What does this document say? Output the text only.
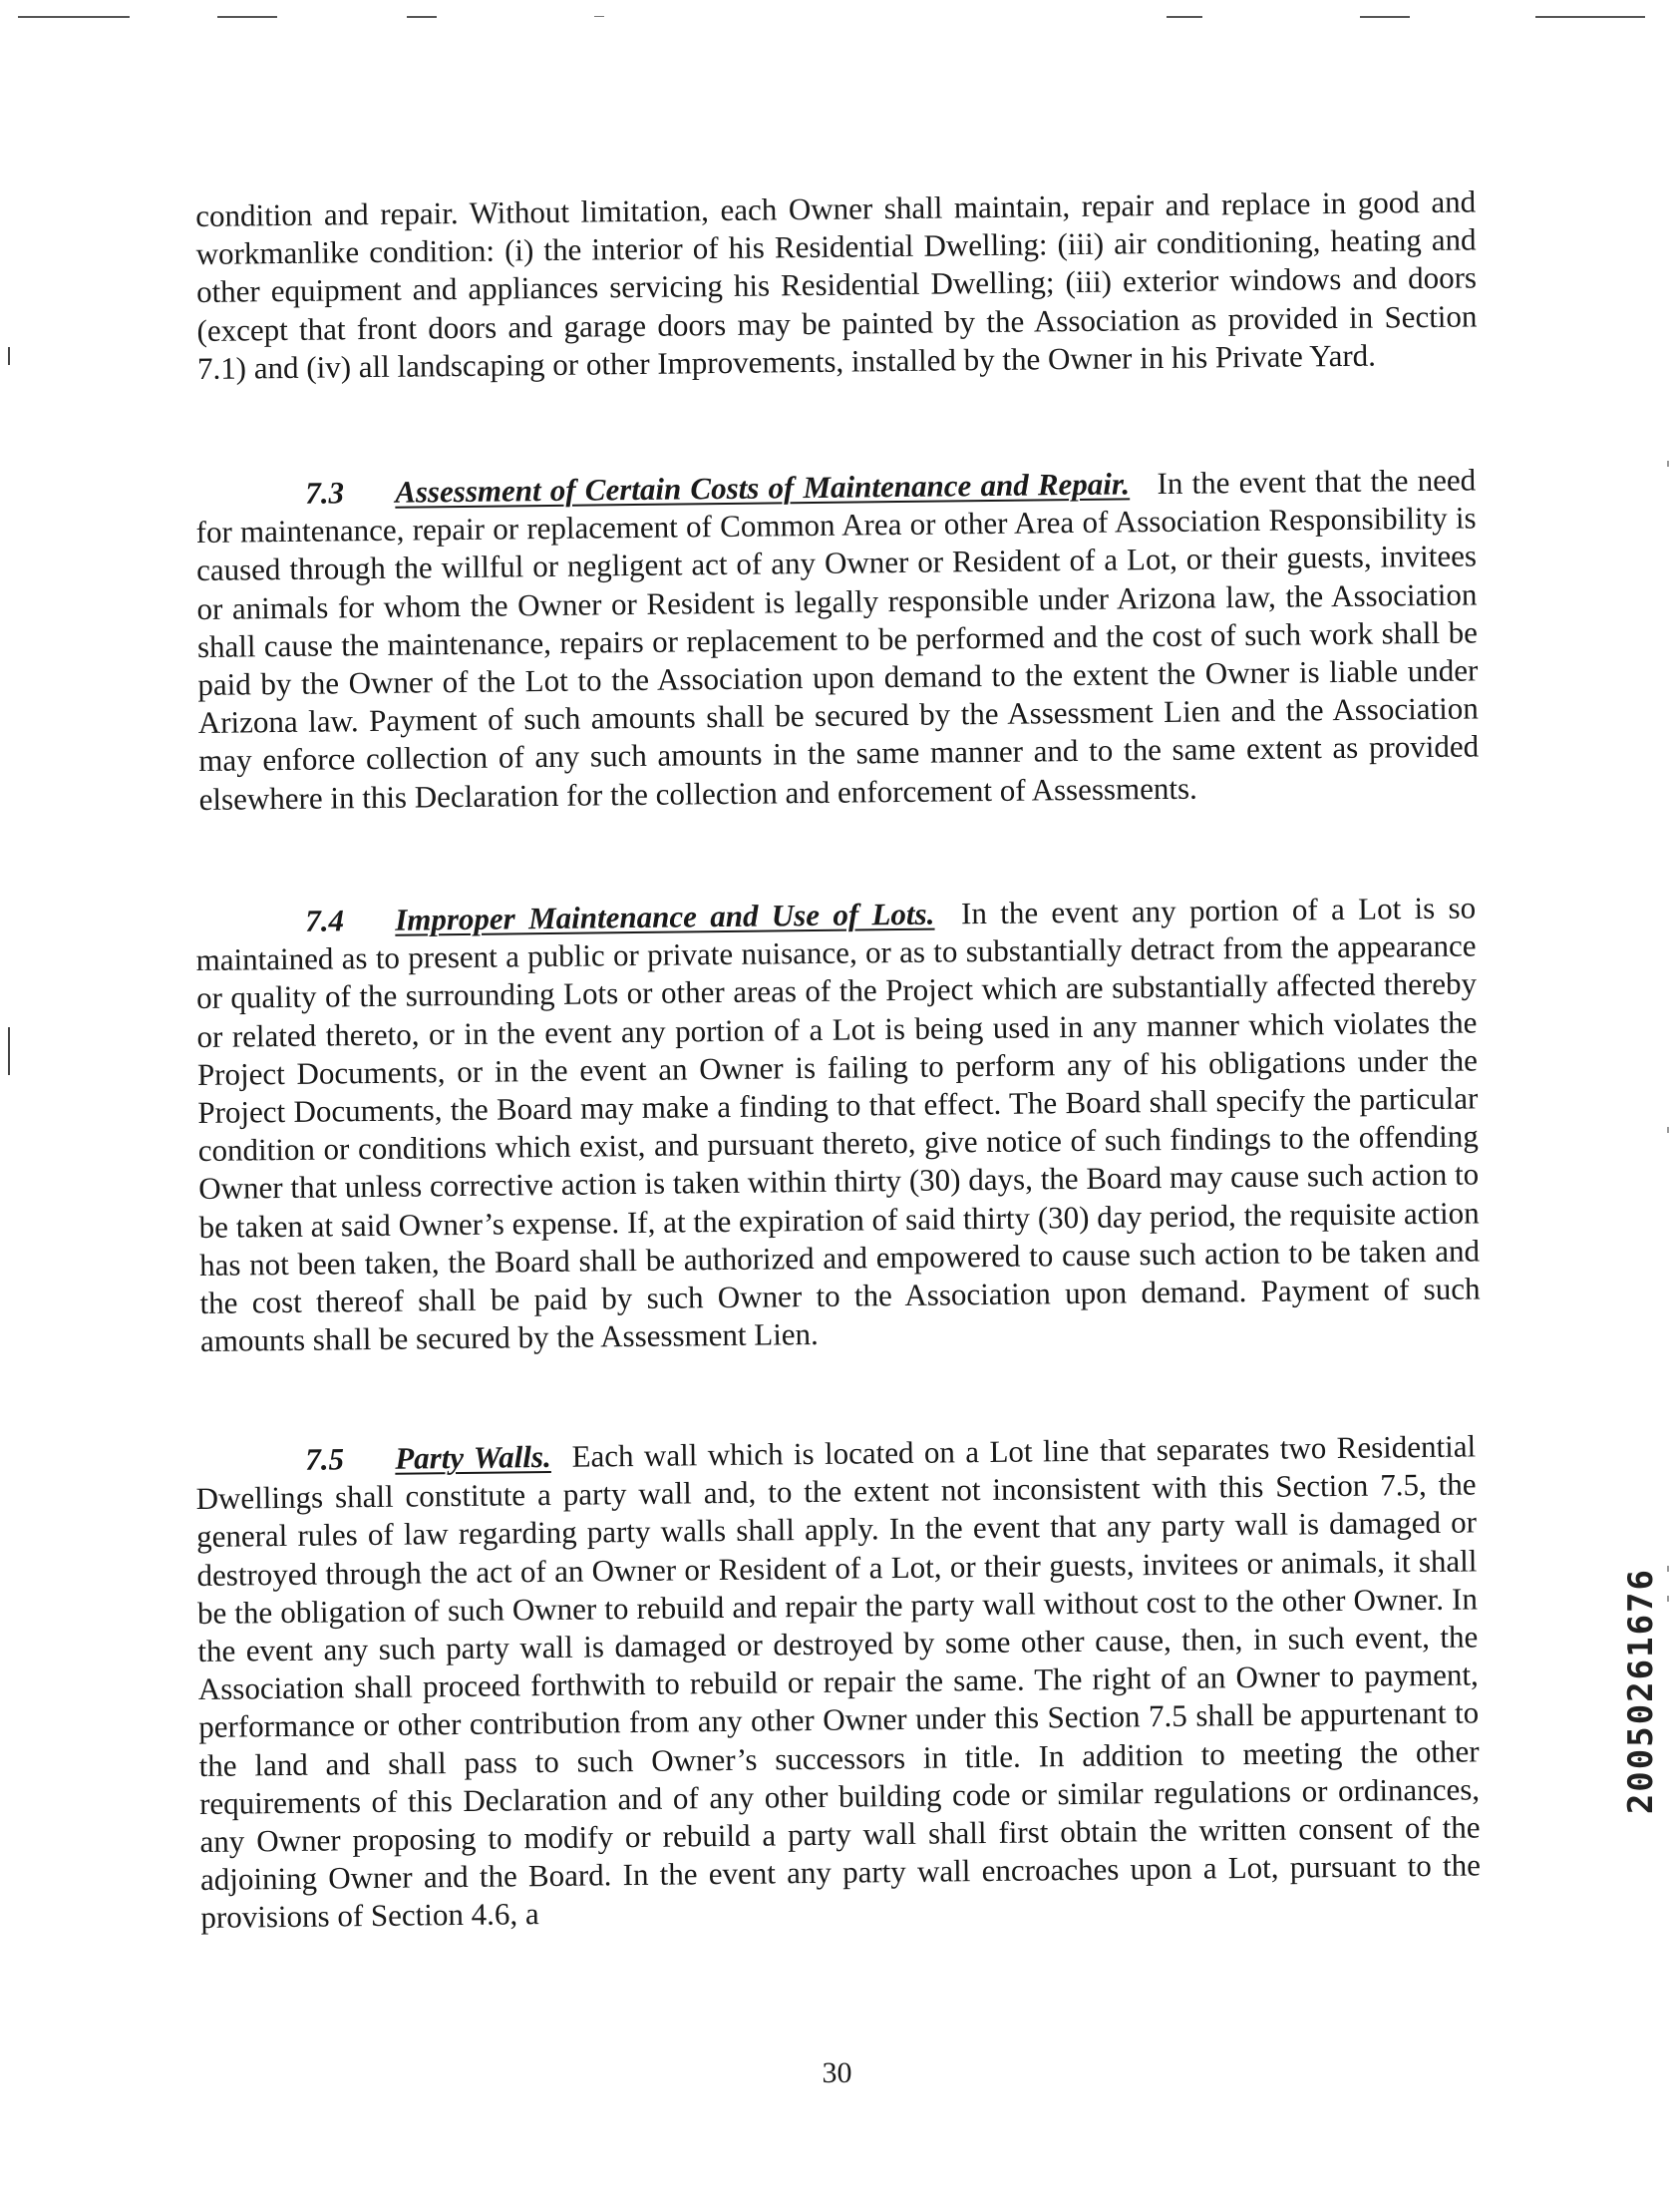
condition and repair. Without limitation, each Owner shall maintain, repair and replace in good and workmanlike condition: (i) the interior of his Residential Dwelling: (iii) air conditioning, heating and other equipment and appliances servicing his Residential Dwelling; (iii) exterior windows and doors (except that front doors and garage doors may be painted by the Association as provided in Section 7.1) and (iv) all landscaping or other Improvements, installed by the Owner in his Private Yard.

7.3 Assessment of Certain Costs of Maintenance and Repair. In the event that the need for maintenance, repair or replacement of Common Area or other Area of Association Responsibility is caused through the willful or negligent act of any Owner or Resident of a Lot, or their guests, invitees or animals for whom the Owner or Resident is legally responsible under Arizona law, the Association shall cause the maintenance, repairs or replacement to be performed and the cost of such work shall be paid by the Owner of the Lot to the Association upon demand to the extent the Owner is liable under Arizona law. Payment of such amounts shall be secured by the Assessment Lien and the Association may enforce collection of any such amounts in the same manner and to the same extent as provided elsewhere in this Declaration for the collection and enforcement of Assessments.

7.4 Improper Maintenance and Use of Lots. In the event any portion of a Lot is so maintained as to present a public or private nuisance, or as to substantially detract from the appearance or quality of the surrounding Lots or other areas of the Project which are substantially affected thereby or related thereto, or in the event any portion of a Lot is being used in any manner which violates the Project Documents, or in the event an Owner is failing to perform any of his obligations under the Project Documents, the Board may make a finding to that effect. The Board shall specify the particular condition or conditions which exist, and pursuant thereto, give notice of such findings to the offending Owner that unless corrective action is taken within thirty (30) days, the Board may cause such action to be taken at said Owner’s expense. If, at the expiration of said thirty (30) day period, the requisite action has not been taken, the Board shall be authorized and empowered to cause such action to be taken and the cost thereof shall be paid by such Owner to the Association upon demand. Payment of such amounts shall be secured by the Assessment Lien.

7.5 Party Walls. Each wall which is located on a Lot line that separates two Residential Dwellings shall constitute a party wall and, to the extent not inconsistent with this Section 7.5, the general rules of law regarding party walls shall apply. In the event that any party wall is damaged or destroyed through the act of an Owner or Resident of a Lot, or their guests, invitees or animals, it shall be the obligation of such Owner to rebuild and repair the party wall without cost to the other Owner. In the event any such party wall is damaged or destroyed by some other cause, then, in such event, the Association shall proceed forthwith to rebuild or repair the same. The right of an Owner to payment, performance or other contribution from any other Owner under this Section 7.5 shall be appurtenant to the land and shall pass to such Owner’s successors in title. In addition to meeting the other requirements of this Declaration and of any other building code or similar regulations or ordinances, any Owner proposing to modify or rebuild a party wall shall first obtain the written consent of the adjoining Owner and the Board. In the event any party wall encroaches upon a Lot, pursuant to the provisions of Section 4.6, a

20050261676
30
